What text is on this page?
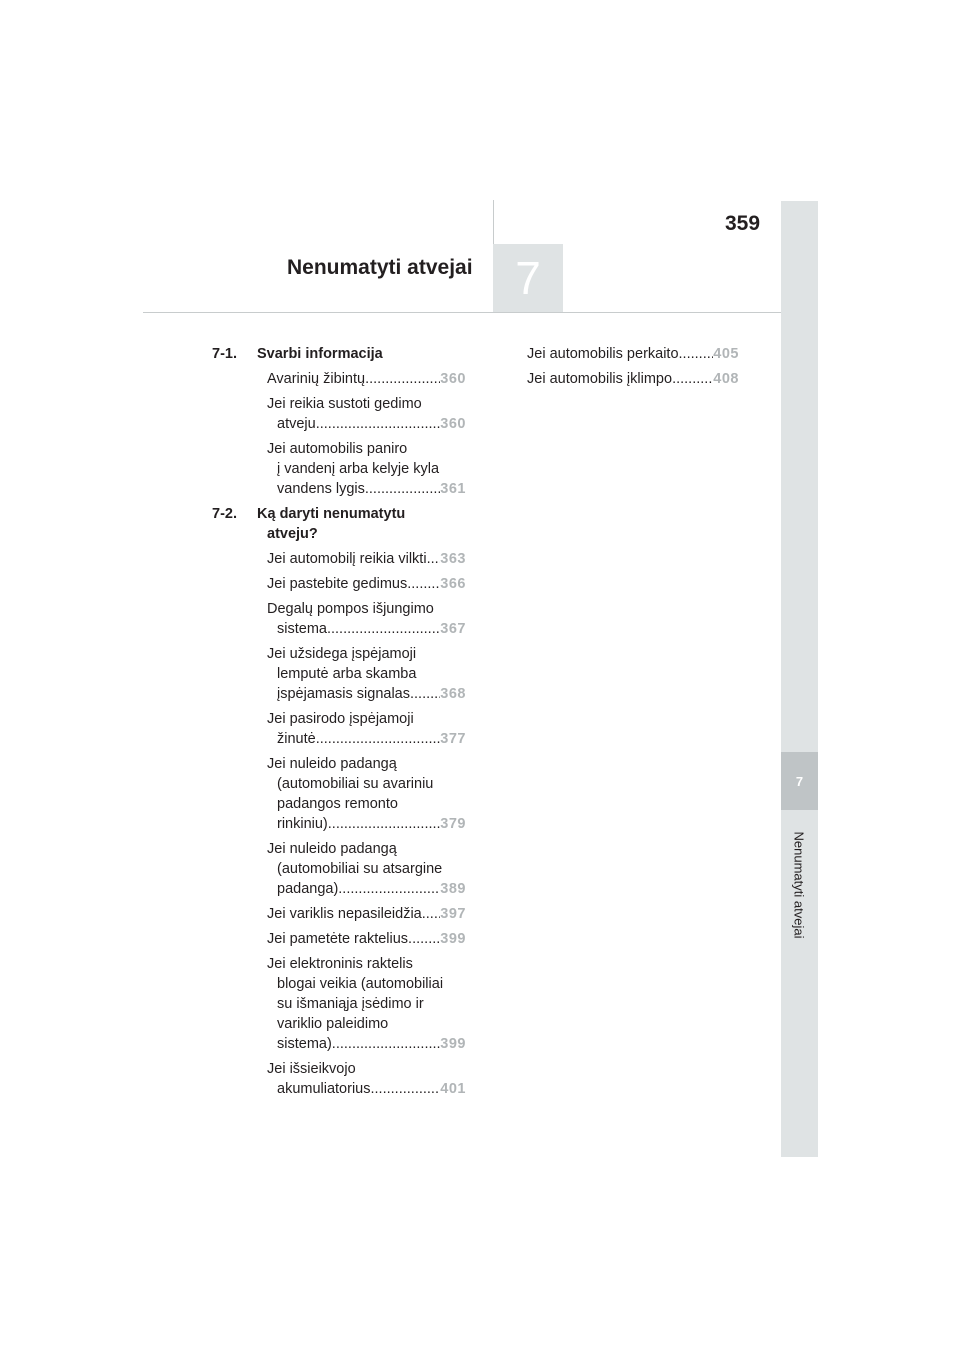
359
Nenumatyti atvejai 7
7
Nenumatyti atvejai
7-1. Svarbi informacija
Avarinių žibintų .....	360
Jei reikia sustoti gedimo
atveju .....	360
Jei automobilis paniro
į vandenį arba kelyje kyla
vandens lygis. .....	361
7-2. Ką daryti nenumatytu
atveju?
Jei automobilį reikia vilkti ..... 363
Jei pastebite gedimus ..... 366
Degalų pompos išjungimo
sistema .....	367
Jei užsidega įspėjamoji
lemputė arba skamba
įspėjamasis signalas ..... 368
Jei pasirodo įspėjamoji
žinutė .....	377
Jei nuleido padangą
(automobiliai su avariniu
padangos remonto
rinkiniu) .....	379
Jei nuleido padangą
(automobiliai su atsargine
padanga) .....	389
Jei variklis nepasileidžia ..... 397
Jei pametėte raktelius ..... 399
Jei elektroninis raktelis
blogai veikia (automobiliai
su išmaniąja įsėdimo ir
variklio paleidimo
sistema) .....	399
Jei išsieikvojo
akumuliatorius .....	401
Jei automobilis perkaito ..... 405
Jei automobilis įklimpo .....	408
